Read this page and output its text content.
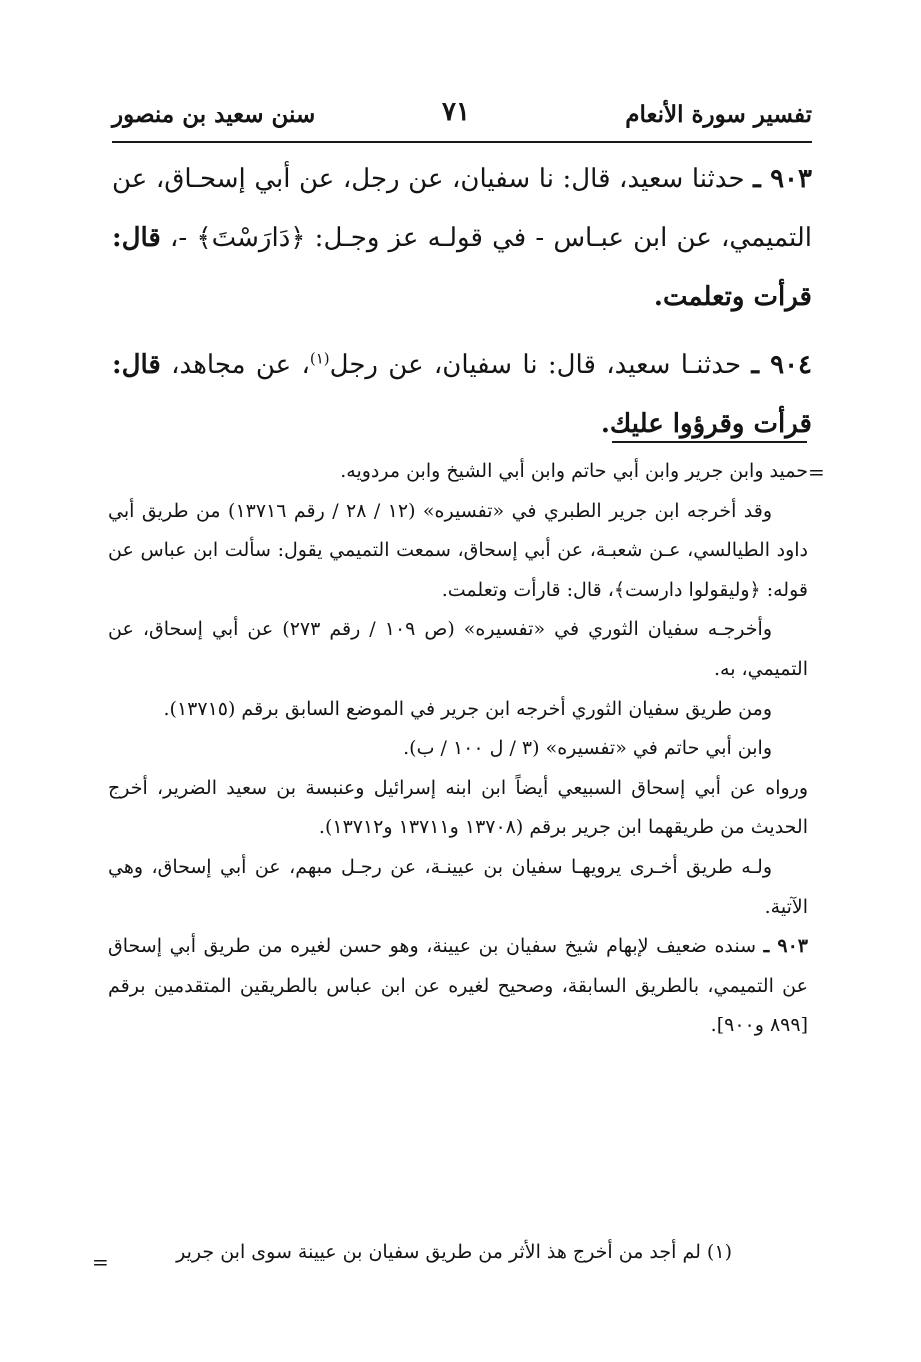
تفسير سورة الأنعام
٧١
سنن سعيد بن منصور

٩٠٣ ـ حدثنا سعيد، قال: نا سفيان، عن رجل، عن أبي إسحـاق، عن التميمي، عن ابن عبـاس - في قولـه عز وجـل: ﴿دَارَسْتَ﴾ -، قال: قرأت وتعلمت.

٩٠٤ ـ حدثنـا سعيد، قال: نا سفيان، عن رجل$^{(١)}$، عن مجاهد، قال: قرأت وقرؤوا عليك.

=

حميد وابن جرير وابن أبي حاتم وابن أبي الشيخ وابن مردويه.

وقد أخرجه ابن جرير الطبري في «تفسيره» (١٢ / ٢٨ / رقم ١٣٧١٦) من طريق أبي داود الطيالسي، عـن شعبـة، عن أبي إسحاق، سمعت التميمي يقول: سألت ابن عباس عن قوله: ﴿وليقولوا دارست﴾، قال: قارأت وتعلمت.

وأخرجـه سفيان الثوري في «تفسيره» (ص ١٠٩ / رقم ٢٧٣) عن أبي إسحاق، عن التميمي، به.

ومن طريق سفيان الثوري أخرجه ابن جرير في الموضع السابق برقم (١٣٧١٥).

وابن أبي حاتم في «تفسيره» (٣ / ل ١٠٠ / ب).

ورواه عن أبي إسحاق السبيعي أيضاً ابن ابنه إسرائيل وعنبسة بن سعيد الضرير، أخرج الحديث من طريقهما ابن جرير برقم (١٣٧٠٨ و١٣٧١١ و١٣٧١٢).

ولـه طريق أخـرى يرويهـا سفيان بن عيينـة، عن رجـل مبهم، عن أبي إسحاق، وهي الآتية.

٩٠٣ ـ سنده ضعيف لإبهام شيخ سفيان بن عيينة، وهو حسن لغيره من طريق أبي إسحاق عن التميمي، بالطريق السابقة، وصحيح لغيره عن ابن عباس بالطريقين المتقدمين برقم [٨٩٩ و٩٠٠].

(١) لم أجد من أخرج هذ الأثر من طريق سفيان بن عيينة سوى ابن جرير
=
